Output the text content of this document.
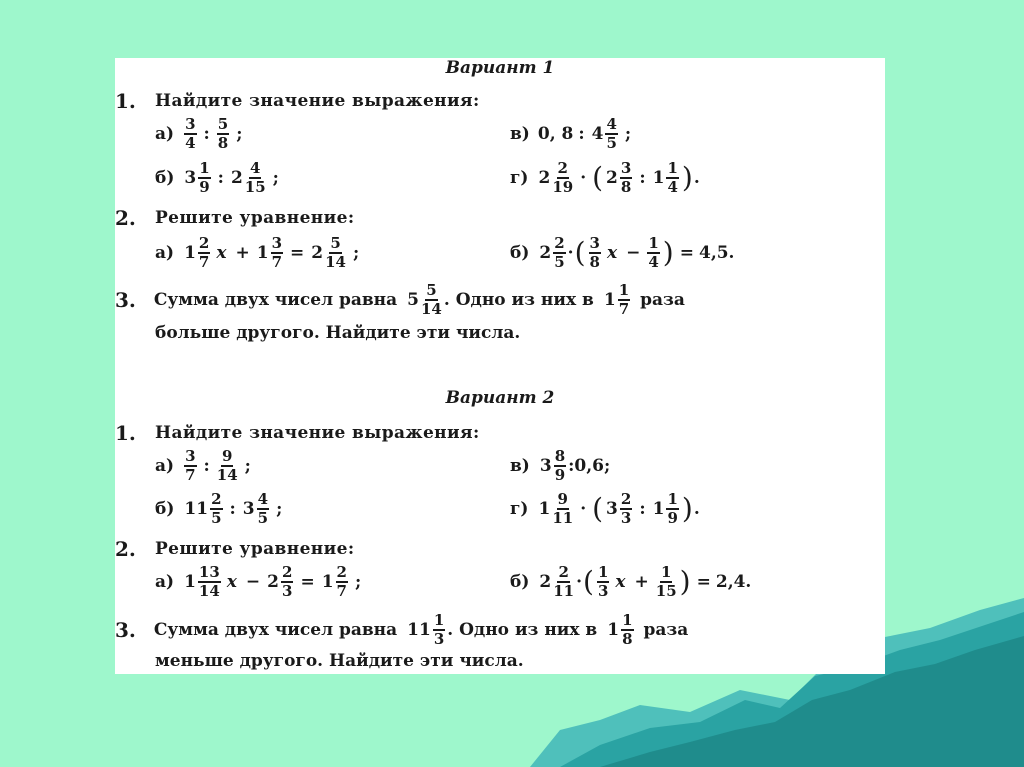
Вариант 1
1. Найдите значение выражения:
а) 3
4 : 5
8 ;	в) 0, 8 : 4 4
5 ;
б) 3 1
9 : 2 4
15 ;	г) 2 2
19 · ( 2 3
8 : 1 1
4 ) .
2. Решите уравнение:
а) 1 2
7 $x + 1 \frac{3}{7} = 2$ 5
14 ;	б) 2 2
5 · ( 3
8 $x - \frac{1}{4}$ ) = 4,5.
3. Сумма двух чисел равна 5 5
14 . Одно из них в 1 1
7 раза
больше другого. Найдите эти числа.
Вариант 2
1. Найдите значение выражения:
а) 3
7 : 9
14 ;	в) 3 8
9 :0,6;
б) 11 2
5 : 3 4
5 ;	г) 1 9
11 · ( 3 2
3 : 1 1
9 ) .
2. Решите уравнение:
а) 1 13
14 $x - 2 \frac{2}{3} = 1$ 2
7 ;	б) 2 2
11 · ( 1
3 $x + \frac{1}{15}$ ) = 2,4.
3. Сумма двух чисел равна 11 1
3 . Одно из них в 1 1
8 раза
меньше другого. Найдите эти числа.
